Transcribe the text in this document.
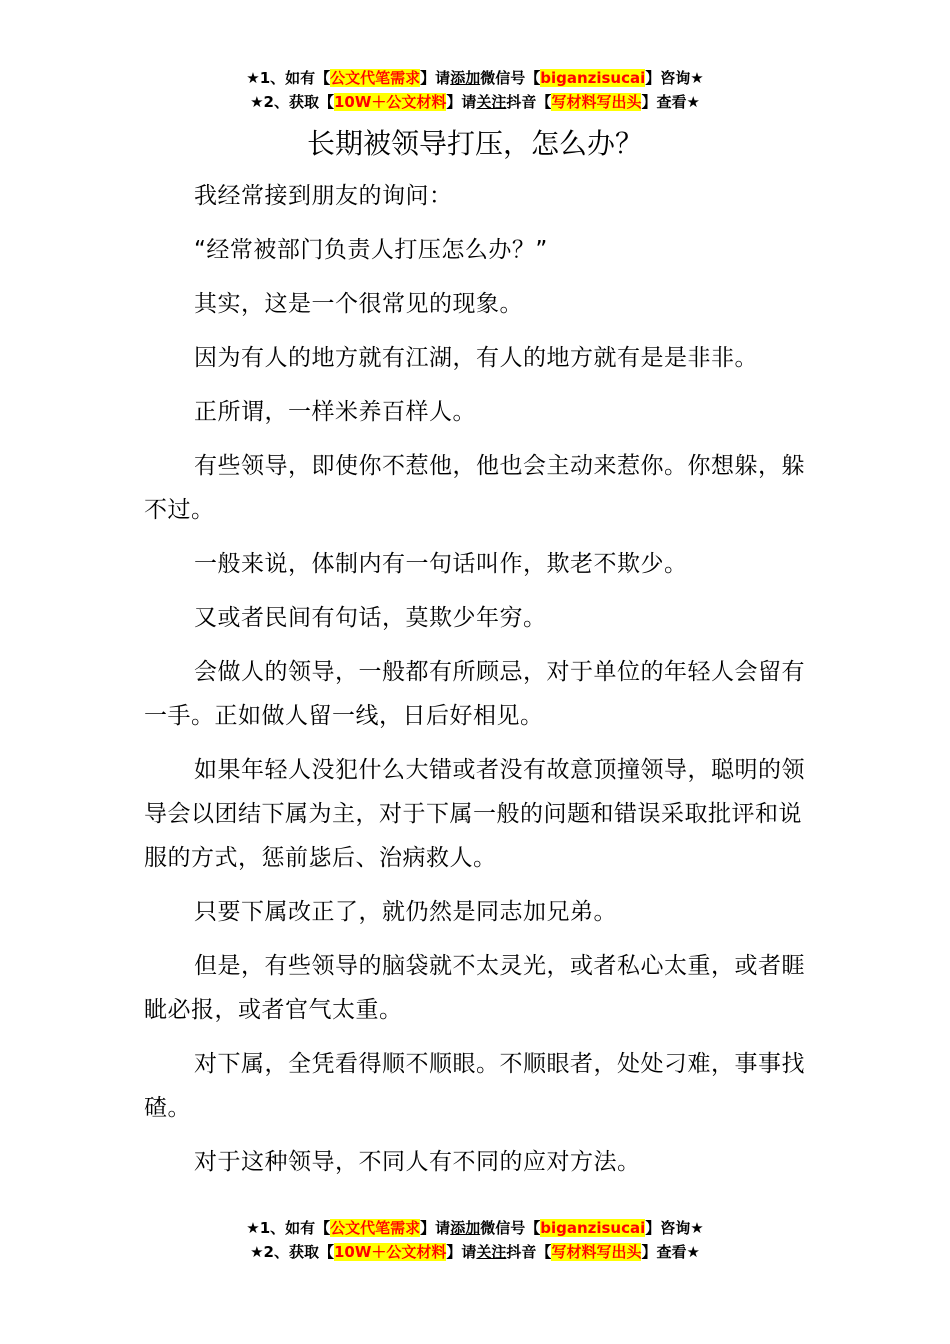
★1、如有【公文代笔需求】请添加微信号【biganzisucai】咨询★
★2、获取【10W＋公文材料】请关注抖音【写材料写出头】查看★
长期被领导打压，怎么办？

我经常接到朋友的询问：

“经常被部门负责人打压怎么办？”

其实，这是一个很常见的现象。

因为有人的地方就有江湖，有人的地方就有是是非非。

正所谓，一样米养百样人。

有些领导，即使你不惹他，他也会主动来惹你。你想躲，躲不过。

一般来说，体制内有一句话叫作，欺老不欺少。

又或者民间有句话，莫欺少年穷。

会做人的领导，一般都有所顾忌，对于单位的年轻人会留有一手。正如做人留一线，日后好相见。

如果年轻人没犯什么大错或者没有故意顶撞领导，聪明的领导会以团结下属为主，对于下属一般的问题和错误采取批评和说服的方式，惩前毖后、治病救人。

只要下属改正了，就仍然是同志加兄弟。

但是，有些领导的脑袋就不太灵光，或者私心太重，或者睚眦必报，或者官气太重。

对下属，全凭看得顺不顺眼。不顺眼者，处处刁难，事事找碴。

对于这种领导，不同人有不同的应对方法。

★1、如有【公文代笔需求】请添加微信号【biganzisucai】咨询★
★2、获取【10W＋公文材料】请关注抖音【写材料写出头】查看★
